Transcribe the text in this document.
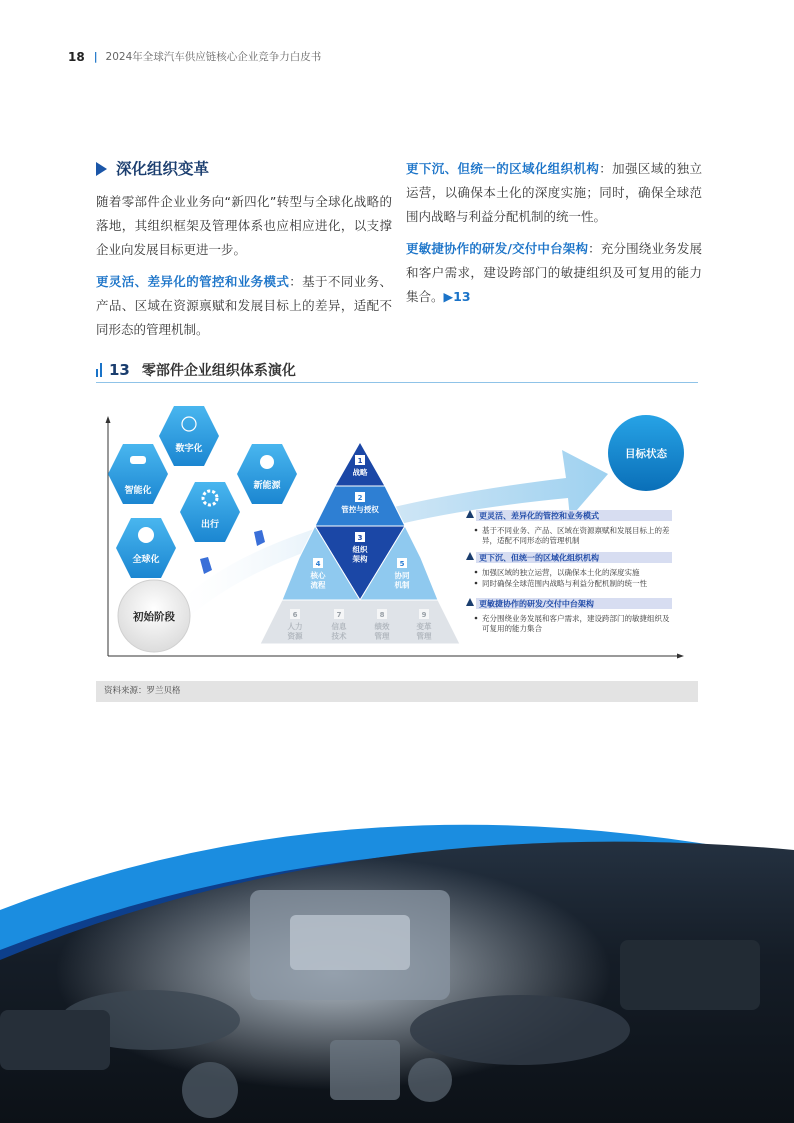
18 | 2024年全球汽车供应链核心企业竞争力白皮书
深化组织变革

随着零部件企业业务向“新四化”转型与全球化战略的落地，其组织框架及管理体系也应相应进化，以支撑企业向发展目标更进一步。

更灵活、差异化的管控和业务模式：基于不同业务、产品、区域在资源禀赋和发展目标上的差异，适配不同形态的管理机制。

更下沉、但统一的区域化组织机构：加强区域的独立运营，以确保本土化的深度实施；同时，确保全球范围内战略与利益分配机制的统一性。

更敏捷协作的研发/交付中台架构：充分围绕业务发展和客户需求，建设跨部门的敏捷组织及可复用的能力集合。▶13

13 零部件企业组织体系演化
数字化
智能化	新能源
出行
全球化
初始阶段
目标状态
1
战略
2
管控与授权
3
组织架构
4
核心流程
5
协同机制
6
人力资源
7
信息技术
8
绩效管理
9
变革管理
更灵活、差异化的管控和业务模式
基于不同业务、产品、区域在资源禀赋和发展目标上的差异，适配不同形态的管理机制
更下沉、但统一的区域化组织机构
加强区域的独立运营，以确保本土化的深度实施
同时确保全球范围内战略与利益分配机制的统一性
更敏捷协作的研发/交付中台架构
充分围绕业务发展和客户需求，建设跨部门的敏捷组织及可复用的能力集合
资料来源：罗兰贝格
